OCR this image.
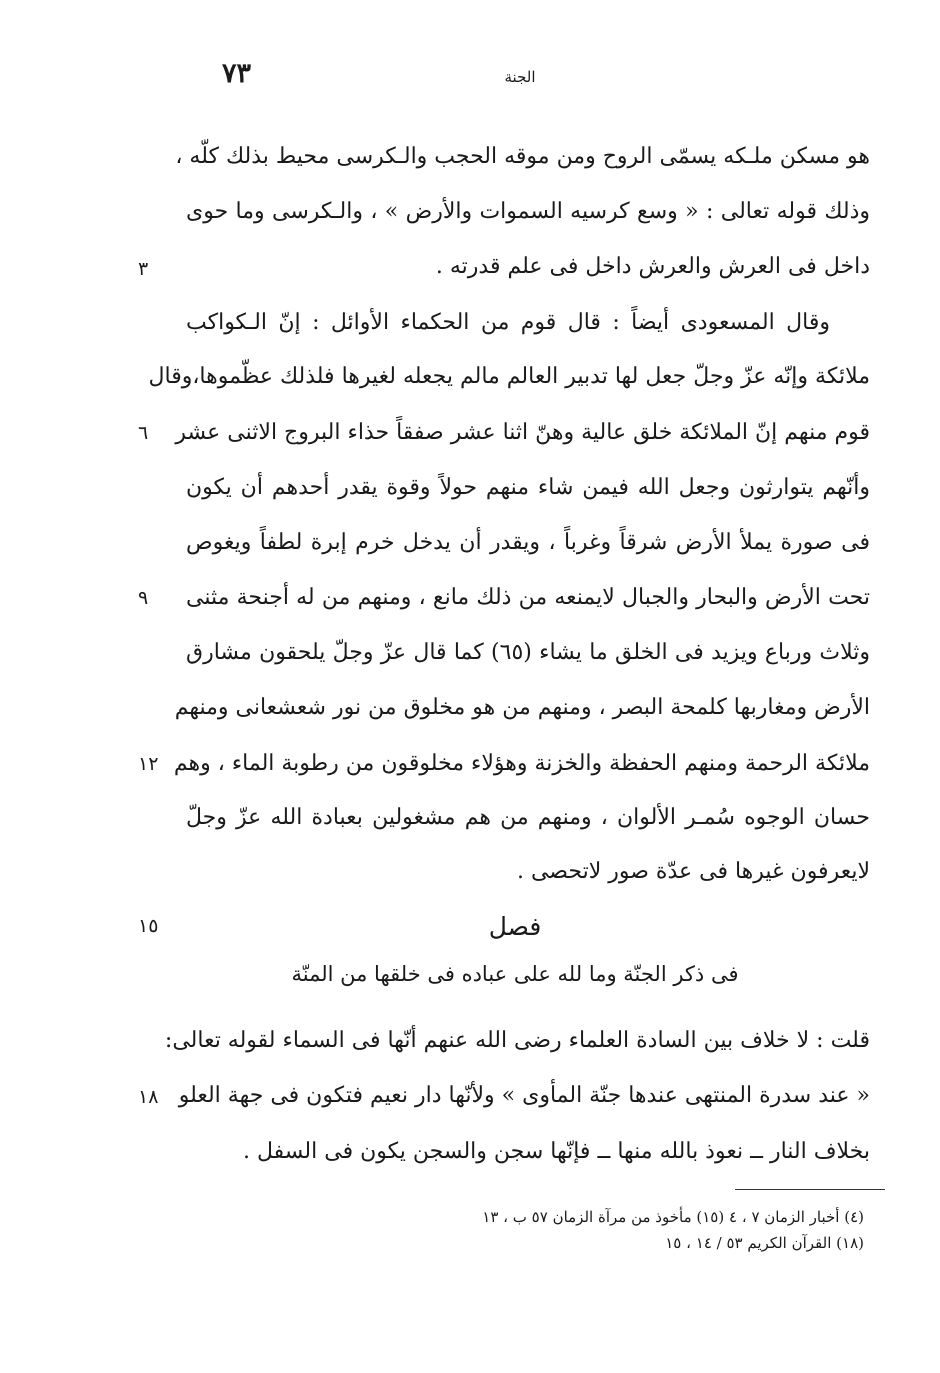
٧٣	الجنة
هو مسكن ملـكه يسمّى الروح ومن موقه الحجب والـكرسى محيط بذلك كلّه ،
وذلك قوله تعالى : « وسع كرسيه السموات والأرض » ، والـكرسى وما حوى
داخل فى العرش والعرش داخل فى علم قدرته .
وقال المسعودى أيضاً : قال قوم من الحكماء الأوائل : إنّ الـكواكب
ملائكة وإنّه عزّ وجلّ جعل لها تدبير العالم مالم يجعله لغيرها فلذلك عظّموها،وقال
قوم منهم إنّ الملائكة خلق عالية وهنّ اثنا عشر صفقاً حذاء البروج الاثنى عشر
وأنّهم يتوارثون وجعل الله فيمن شاء منهم حولاً وقوة يقدر أحدهم أن يكون
فى صورة يملأ الأرض شرقاً وغرباً ، ويقدر أن يدخل خرم إبرة لطفاً ويغوص
تحت الأرض والبحار والجبال لايمنعه من ذلك مانع ، ومنهم من له أجنحة مثنى
وثلاث ورباع ويزيد فى الخلق ما يشاء (٦٥) كما قال عزّ وجلّ يلحقون مشارق
الأرض ومغاربها كلمحة البصر ، ومنهم من هو مخلوق من نور شعشعانى ومنهم
ملائكة الرحمة ومنهم الحفظة والخزنة وهؤلاء مخلوقون من رطوبة الماء ، وهم
حسان الوجوه سُمـر الألوان ، ومنهم من هم مشغولين بعبادة الله عزّ وجلّ
لايعرفون غيرها فى عدّة صور لاتحصى .
٣
٦
٩
١٢
١٥
١٨
فصل
فى ذكر الجنّة وما لله على عباده فى خلقها من المنّة
قلت : لا خلاف بين السادة العلماء رضى الله عنهم أنّها فى السماء لقوله تعالى:
« عند سدرة المنتهى عندها جنّة المأوى » ولأنّها دار نعيم فتكون فى جهة العلو
بخلاف النار ــ نعوذ بالله منها ــ فإنّها سجن والسجن يكون فى السفل .
(٤) أخبار الزمان ٧ ، ٤ (١٥) مأخوذ من مرآة الزمان ٥٧ ب ، ١٣
(١٨) القرآن الكريم ٥٣ / ١٤ ، ١٥
